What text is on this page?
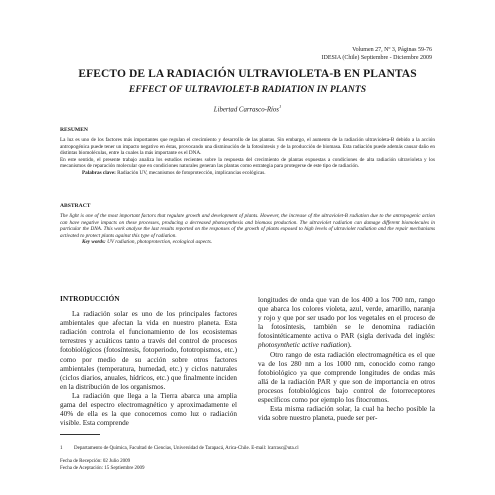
Volumen 27, Nº 3, Páginas 59-76
IDESIA (Chile) Septiembre - Diciembre 2009
EFECTO DE LA RADIACIÓN ULTRAVIOLETA-B EN PLANTAS
EFFECT OF ULTRAVIOLET-B RADIATION IN PLANTS
Libertad Carrasco-Ríos$^1$
RESUMEN

La luz es uno de los factores más importantes que regulan el crecimiento y desarrollo de las plantas. Sin embargo, el aumento de la radiación ultravioleta-B debido a la acción antropogénica puede tener un impacto negativo en éstas, provocando una disminución de la fotosíntesis y de la producción de biomasa. Esta radiación puede además causar daño en distintas biomoléculas, entre la cuales la más importante es el DNA.

En este sentido, el presente trabajo analiza los estudios recientes sobre la respuesta del crecimiento de plantas expuestas a condiciones de alta radiación ultravioleta y los mecanismos de reparación molecular que en condiciones naturales generan las plantas como estrategia para protegerse de este tipo de radiación.

Palabras clave: Radiación UV, mecanismos de fotoprotección, implicancias ecológicas.

ABSTRACT

The light is one of the most important factors that regulate growth and development of plants. However, the increase of the ultraviolet-B radiation due to the antropogenic action can have negative impacts on these processes, producing a decreased photosynthesis and biomass production. The ultraviolet radiation can damage different biomolecules in particular the DNA. This work analyse the last results reported on the responses of the growth of plants exposed to high levels of ultraviolet radiation and the repair mechanisms activated to protect plants against this type of radiation.

Key words: UV radiation, photoprotection, ecological aspects.

INTRODUCCIÓN

La radiación solar es uno de los principales factores ambientales que afectan la vida en nuestro planeta. Esta radiación controla el funcionamiento de los ecosistemas terrestres y acuáticos tanto a través del control de procesos fotobiológicos (fotosíntesis, fotoperiodo, fototropismos, etc.) como por medio de su acción sobre otros factores ambientales (temperatura, humedad, etc.) y ciclos naturales (ciclos diarios, anuales, hídricos, etc.) que finalmente inciden en la distribución de los organismos.

La radiación que llega a la Tierra abarca una amplia gama del espectro electromagnético y aproximadamente el 40% de ella es la que conocemos como luz o radiación visible. Esta comprende

longitudes de onda que van de los 400 a los 700 nm, rango que abarca los colores violeta, azul, verde, amarillo, naranja y rojo y que por ser usado por los vegetales en el proceso de la fotosíntesis, también se le denomina radiación fotosintéticamente activa o PAR (sigla derivada del inglés: photosynthetic active radiation).

Otro rango de esta radiación electromagnética es el que va de los 280 nm a los 1000 nm, conocido como rango fotobiológico ya que comprende longitudes de ondas más allá de la radiación PAR y que son de importancia en otros procesos fotobiológicos bajo control de fotorreceptores específicos como por ejemplo los fitocromos.

Esta misma radiación solar, la cual ha hecho posible la vida sobre nuestro planeta, puede ser per-

1 Departamento de Química, Facultad de Ciencias, Universidad de Tarapacá, Arica-Chile. E-mail: lcarrasc@uta.cl
Fecha de Recepción: 02 Julio 2009
Fecha de Aceptación: 15 Septiembre 2009
